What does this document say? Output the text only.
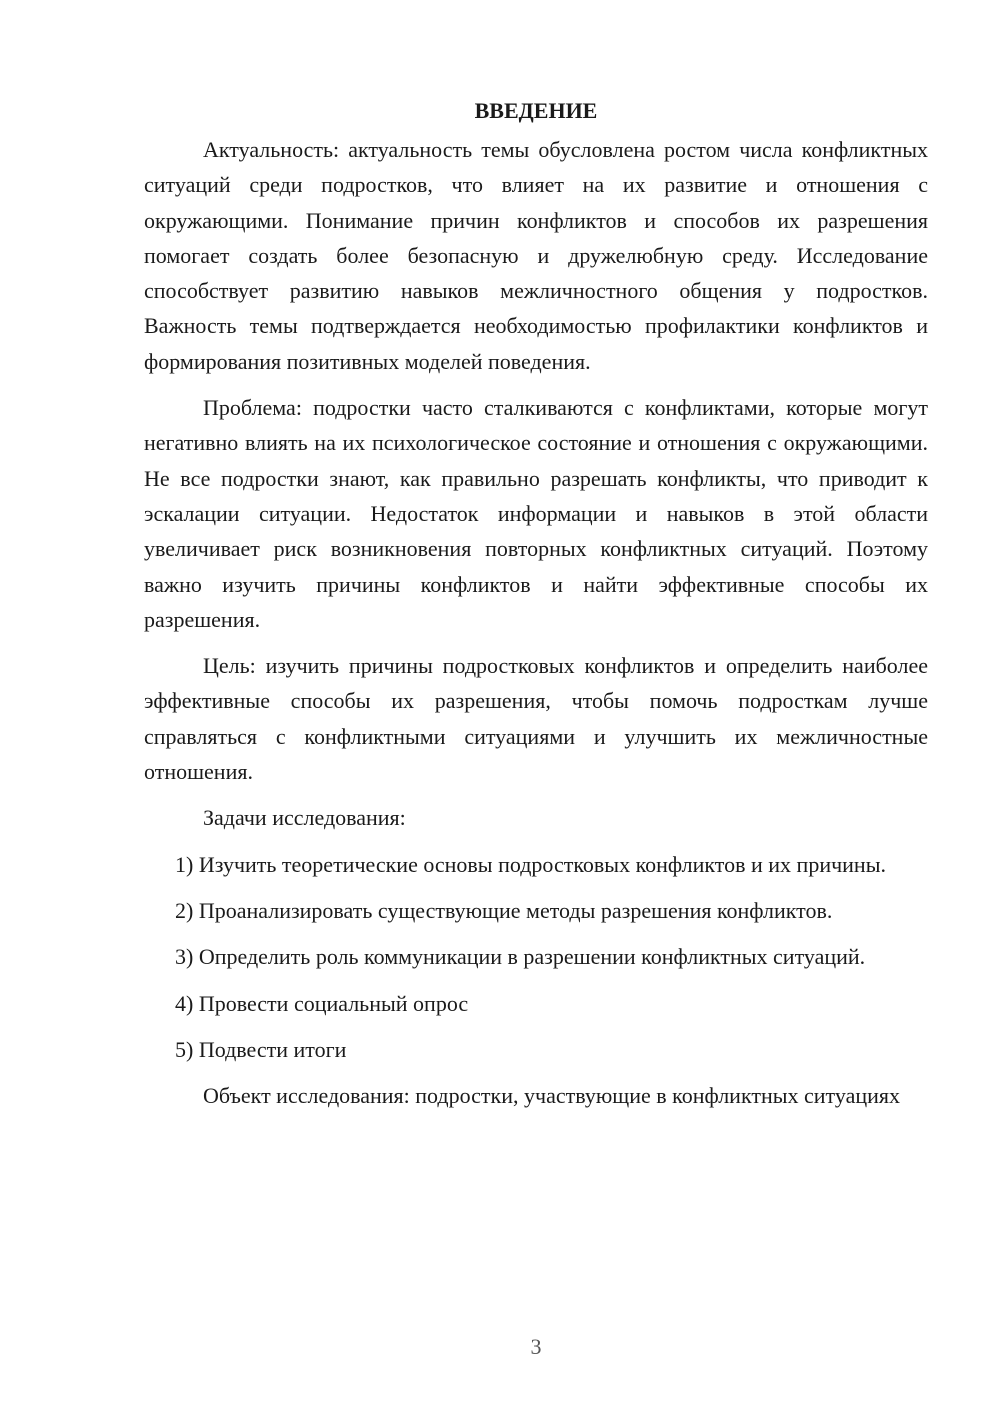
ВВЕДЕНИЕ

Актуальность: актуальность темы обусловлена ростом числа конфликтных ситуаций среди подростков, что влияет на их развитие и отношения с окружающими. Понимание причин конфликтов и способов их разрешения помогает создать более безопасную и дружелюбную среду. Исследование способствует развитию навыков межличностного общения у подростков. Важность темы подтверждается необходимостью профилактики конфликтов и формирования позитивных моделей поведения.

Проблема: подростки часто сталкиваются с конфликтами, которые могут негативно влиять на их психологическое состояние и отношения с окружающими. Не все подростки знают, как правильно разрешать конфликты, что приводит к эскалации ситуации. Недостаток информации и навыков в этой области увеличивает риск возникновения повторных конфликтных ситуаций. Поэтому важно изучить причины конфликтов и найти эффективные способы их разрешения.

Цель: изучить причины подростковых конфликтов и определить наиболее эффективные способы их разрешения, чтобы помочь подросткам лучше справляться с конфликтными ситуациями и улучшить их межличностные отношения.

Задачи исследования:

1) Изучить теоретические основы подростковых конфликтов и их причины.

2) Проанализировать существующие методы разрешения конфликтов.

3) Определить роль коммуникации в разрешении конфликтных ситуаций.

4) Провести социальный опрос

5) Подвести итоги

Объект исследования: подростки, участвующие в конфликтных ситуациях

3
